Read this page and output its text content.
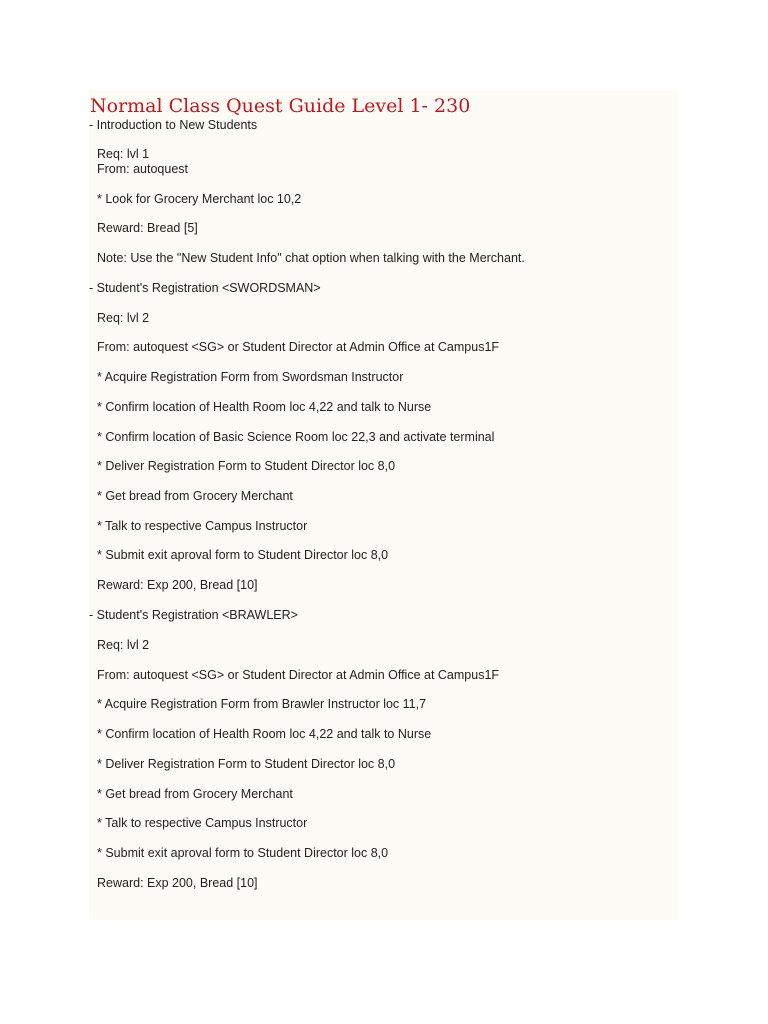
Normal Class Quest Guide Level 1- 230

- Introduction to New Students

Req: lvl 1

From: autoquest

* Look for Grocery Merchant loc 10,2

Reward: Bread [5]

Note: Use the "New Student Info" chat option when talking with the Merchant.

- Student's Registration <SWORDSMAN>

Req: lvl 2

From: autoquest <SG> or Student Director at Admin Office at Campus1F

* Acquire Registration Form from Swordsman Instructor

* Confirm location of Health Room loc 4,22 and talk to Nurse

* Confirm location of Basic Science Room loc 22,3 and activate terminal

* Deliver Registration Form to Student Director loc 8,0

* Get bread from Grocery Merchant

* Talk to respective Campus Instructor

* Submit exit aproval form to Student Director loc 8,0

Reward: Exp 200, Bread [10]

- Student's Registration <BRAWLER>

Req: lvl 2

From: autoquest <SG> or Student Director at Admin Office at Campus1F

* Acquire Registration Form from Brawler Instructor loc 11,7

* Confirm location of Health Room loc 4,22 and talk to Nurse

* Deliver Registration Form to Student Director loc 8,0

* Get bread from Grocery Merchant

* Talk to respective Campus Instructor

* Submit exit aproval form to Student Director loc 8,0

Reward: Exp 200, Bread [10]
